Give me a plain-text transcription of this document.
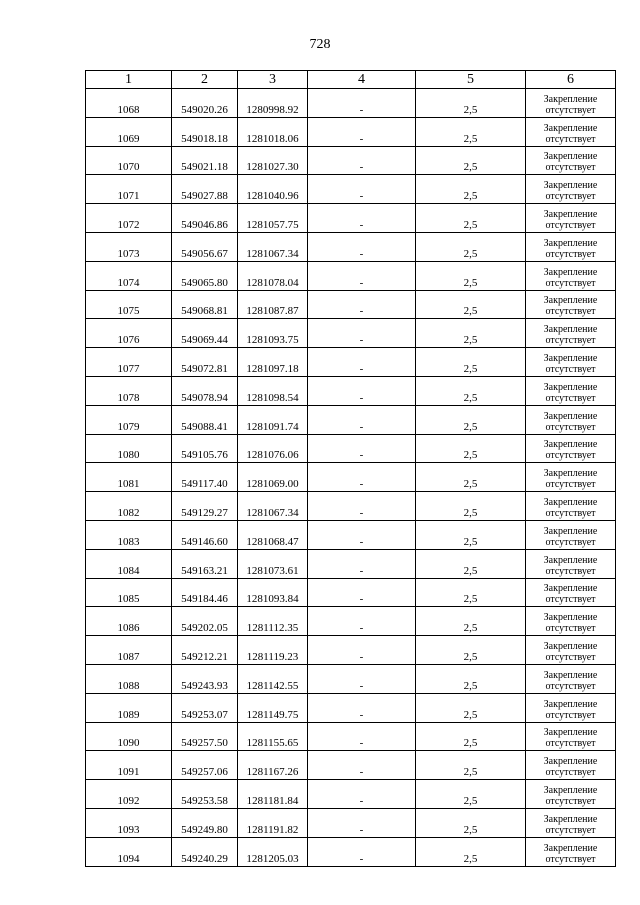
728
1	2	3	4	5	6
1068	549020.26	1280998.92	-	2,5	Закрепление
отсутствует

1069	549018.18	1281018.06	-	2,5	Закрепление
отсутствует

1070	549021.18	1281027.30	-	2,5	Закрепление
отсутствует

1071	549027.88	1281040.96	-	2,5	Закрепление
отсутствует

1072	549046.86	1281057.75	-	2,5	Закрепление
отсутствует

1073	549056.67	1281067.34	-	2,5	Закрепление
отсутствует

1074	549065.80	1281078.04	-	2,5	Закрепление
отсутствует

1075	549068.81	1281087.87	-	2,5	Закрепление
отсутствует

1076	549069.44	1281093.75	-	2,5	Закрепление
отсутствует

1077	549072.81	1281097.18	-	2,5	Закрепление
отсутствует

1078	549078.94	1281098.54	-	2,5	Закрепление
отсутствует

1079	549088.41	1281091.74	-	2,5	Закрепление
отсутствует

1080	549105.76	1281076.06	-	2,5	Закрепление
отсутствует

1081	549117.40	1281069.00	-	2,5	Закрепление
отсутствует

1082	549129.27	1281067.34	-	2,5	Закрепление
отсутствует

1083	549146.60	1281068.47	-	2,5	Закрепление
отсутствует

1084	549163.21	1281073.61	-	2,5	Закрепление
отсутствует

1085	549184.46	1281093.84	-	2,5	Закрепление
отсутствует

1086	549202.05	1281112.35	-	2,5	Закрепление
отсутствует

1087	549212.21	1281119.23	-	2,5	Закрепление
отсутствует

1088	549243.93	1281142.55	-	2,5	Закрепление
отсутствует

1089	549253.07	1281149.75	-	2,5	Закрепление
отсутствует

1090	549257.50	1281155.65	-	2,5	Закрепление
отсутствует

1091	549257.06	1281167.26	-	2,5	Закрепление
отсутствует

1092	549253.58	1281181.84	-	2,5	Закрепление
отсутствует

1093	549249.80	1281191.82	-	2,5	Закрепление
отсутствует

1094	549240.29	1281205.03	-	2,5	Закрепление
отсутствует
